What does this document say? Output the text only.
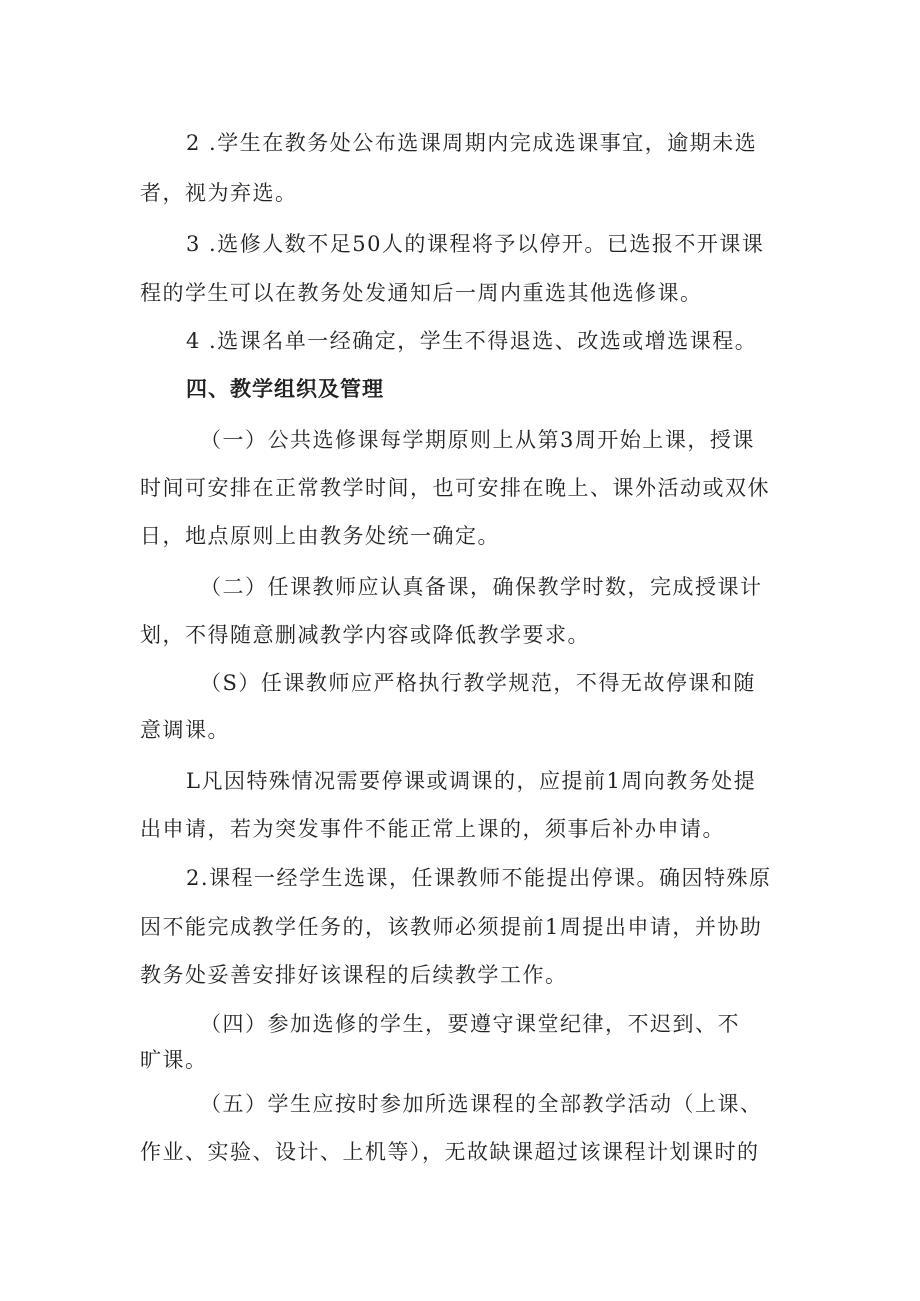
2 .学生在教务处公布选课周期内完成选课事宜，逾期未选
者，视为弃选。
3 .选修人数不足50人的课程将予以停开。已选报不开课课
程的学生可以在教务处发通知后一周内重选其他选修课。
4 .选课名单一经确定，学生不得退选、改选或增选课程。
四、教学组织及管理
（一）公共选修课每学期原则上从第3周开始上课，授课
时间可安排在正常教学时间，也可安排在晚上、课外活动或双休
日，地点原则上由教务处统一确定。
（二）任课教师应认真备课，确保教学时数，完成授课计
划，不得随意删减教学内容或降低教学要求。
（S）任课教师应严格执行教学规范，不得无故停课和随
意调课。
L凡因特殊情况需要停课或调课的，应提前1周向教务处提
出申请，若为突发事件不能正常上课的，须事后补办申请。
2.课程一经学生选课，任课教师不能提出停课。确因特殊原
因不能完成教学任务的，该教师必须提前1周提出申请，并协助
教务处妥善安排好该课程的后续教学工作。
（四）参加选修的学生，要遵守课堂纪律，不迟到、不
旷课。
（五）学生应按时参加所选课程的全部教学活动（上课、
作业、实验、设计、上机等），无故缺课超过该课程计划课时的
